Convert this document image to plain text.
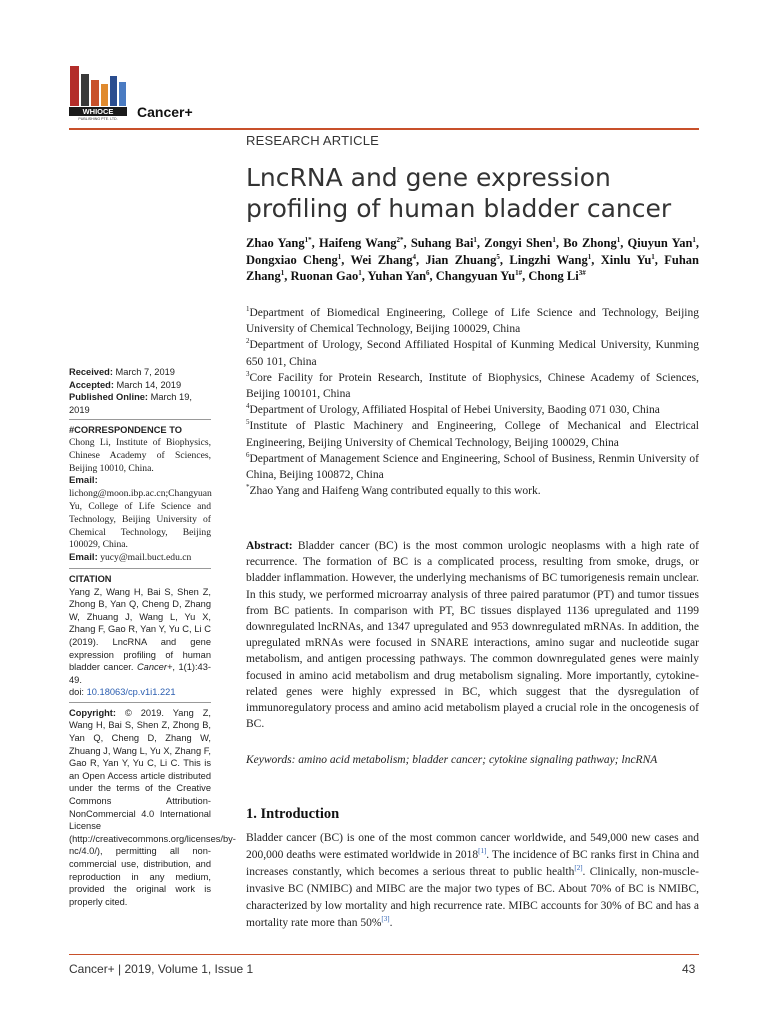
WHIOCE
PUBLISHING PTE. LTD.	Cancer+
RESEARCH ARTICLE
LncRNA and gene expression profiling of human bladder cancer
Zhao Yang$^{1*}$, Haifeng Wang$^{2*}$, Suhang Bai$^1$, Zongyi Shen$^1$, Bo Zhong$^1$, Qiuyun Yan$^1$, Dongxiao Cheng$^1$, Wei Zhang$^4$, Jian Zhuang$^5$, Lingzhi Wang$^1$, Xinlu Yu$^1$, Fuhan Zhang$^1$, Ruonan Gao$^1$, Yuhan Yan$^6$, Changyuan $Yu^{1\#}$, Chong $Li^{3\#}$

$^1$Department of Biomedical Engineering, College of Life Science and Technology, Beijing University of Chemical Technology, Beijing 100029, China

$^2$Department of Urology, Second Affiliated Hospital of Kunming Medical University, Kunming 650 101, China

$^3$Core Facility for Protein Research, Institute of Biophysics, Chinese Academy of Sciences, Beijing 100101, China

$^4$Department of Urology, Affiliated Hospital of Hebei University, Baoding 071 030, China

$^5$Institute of Plastic Machinery and Engineering, College of Mechanical and Electrical Engineering, Beijing University of Chemical Technology, Beijing 100029, China

$^6$Department of Management Science and Engineering, School of Business, Renmin University of China, Beijing 100872, China

*Zhao Yang and Haifeng Wang contributed equally to this work.

Abstract: Bladder cancer (BC) is the most common urologic neoplasms with a high rate of recurrence. The formation of BC is a complicated process, resulting from smoke, drugs, or bladder inflammation. However, the underlying mechanisms of BC tumorigenesis remain unclear. In this study, we performed microarray analysis of three paired paratumor (PT) and tumor tissues from BC patients. In comparison with PT, BC tissues displayed 1136 upregulated and 1199 downregulated lncRNAs, and 1347 upregulated and 953 downregulated mRNAs. In addition, the upregulated mRNAs were focused in SNARE interactions, amino sugar and nucleotide sugar metabolism, and antigen processing pathways. The common downregulated genes were mainly focused in amino acid metabolism and drug metabolism signaling. More importantly, cytokine-related genes were highly expressed in BC, which suggest that the dysregulation of immunoregulatory process and amino acid metabolism played a crucial role in the oncogenesis of BC.
Keywords: amino acid metabolism; bladder cancer; cytokine signaling pathway; lncRNA
1. Introduction
Bladder cancer (BC) is one of the most common cancer worldwide, and 549,000 new cases and 200,000 deaths were estimated worldwide in 2018[1]. The incidence of BC ranks first in China and increases constantly, which becomes a serious threat to public health[2]. Clinically, non-muscle-invasive BC (NMIBC) and MIBC are the major two types of BC. About 70% of BC is NMIBC, characterized by low mortality and high recurrence rate. MIBC accounts for 30% of BC and has a mortality rate more than 50%[3].
Received: March 7, 2019
Accepted: March 14, 2019
Published Online: March 19, 2019
#CORRESPONDENCE TO
Chong Li, Institute of Biophysics, Chinese Academy of Sciences, Beijing 10010, China.
Email: lichong@moon.ibp.ac.cn;Changyuan Yu, College of Life Science and Technology, Beijing University of Chemical Technology, Beijing 100029, China.
Email: yucy@mail.buct.edu.cn
CITATION
Yang Z, Wang H, Bai S, Shen Z, Zhong B, Yan Q, Cheng D, Zhang W, Zhuang J, Wang L, Yu X, Zhang F, Gao R, Yan Y, Yu C, Li C (2019). LncRNA and gene expression profiling of human bladder cancer. Cancer+, 1(1):43-49.
doi: 10.18063/cp.v1i1.221
Copyright: © 2019. Yang Z, Wang H, Bai S, Shen Z, Zhong B, Yan Q, Cheng D, Zhang W, Zhuang J, Wang L, Yu X, Zhang F, Gao R, Yan Y, Yu C, Li C. This is an Open Access article distributed under the terms of the Creative Commons Attribution-NonCommercial 4.0 International License (http://creativecommons.org/licenses/by-nc/4.0/), permitting all non-commercial use, distribution, and reproduction in any medium, provided the original work is properly cited.
Cancer+ | 2019, Volume 1, Issue 1	43
